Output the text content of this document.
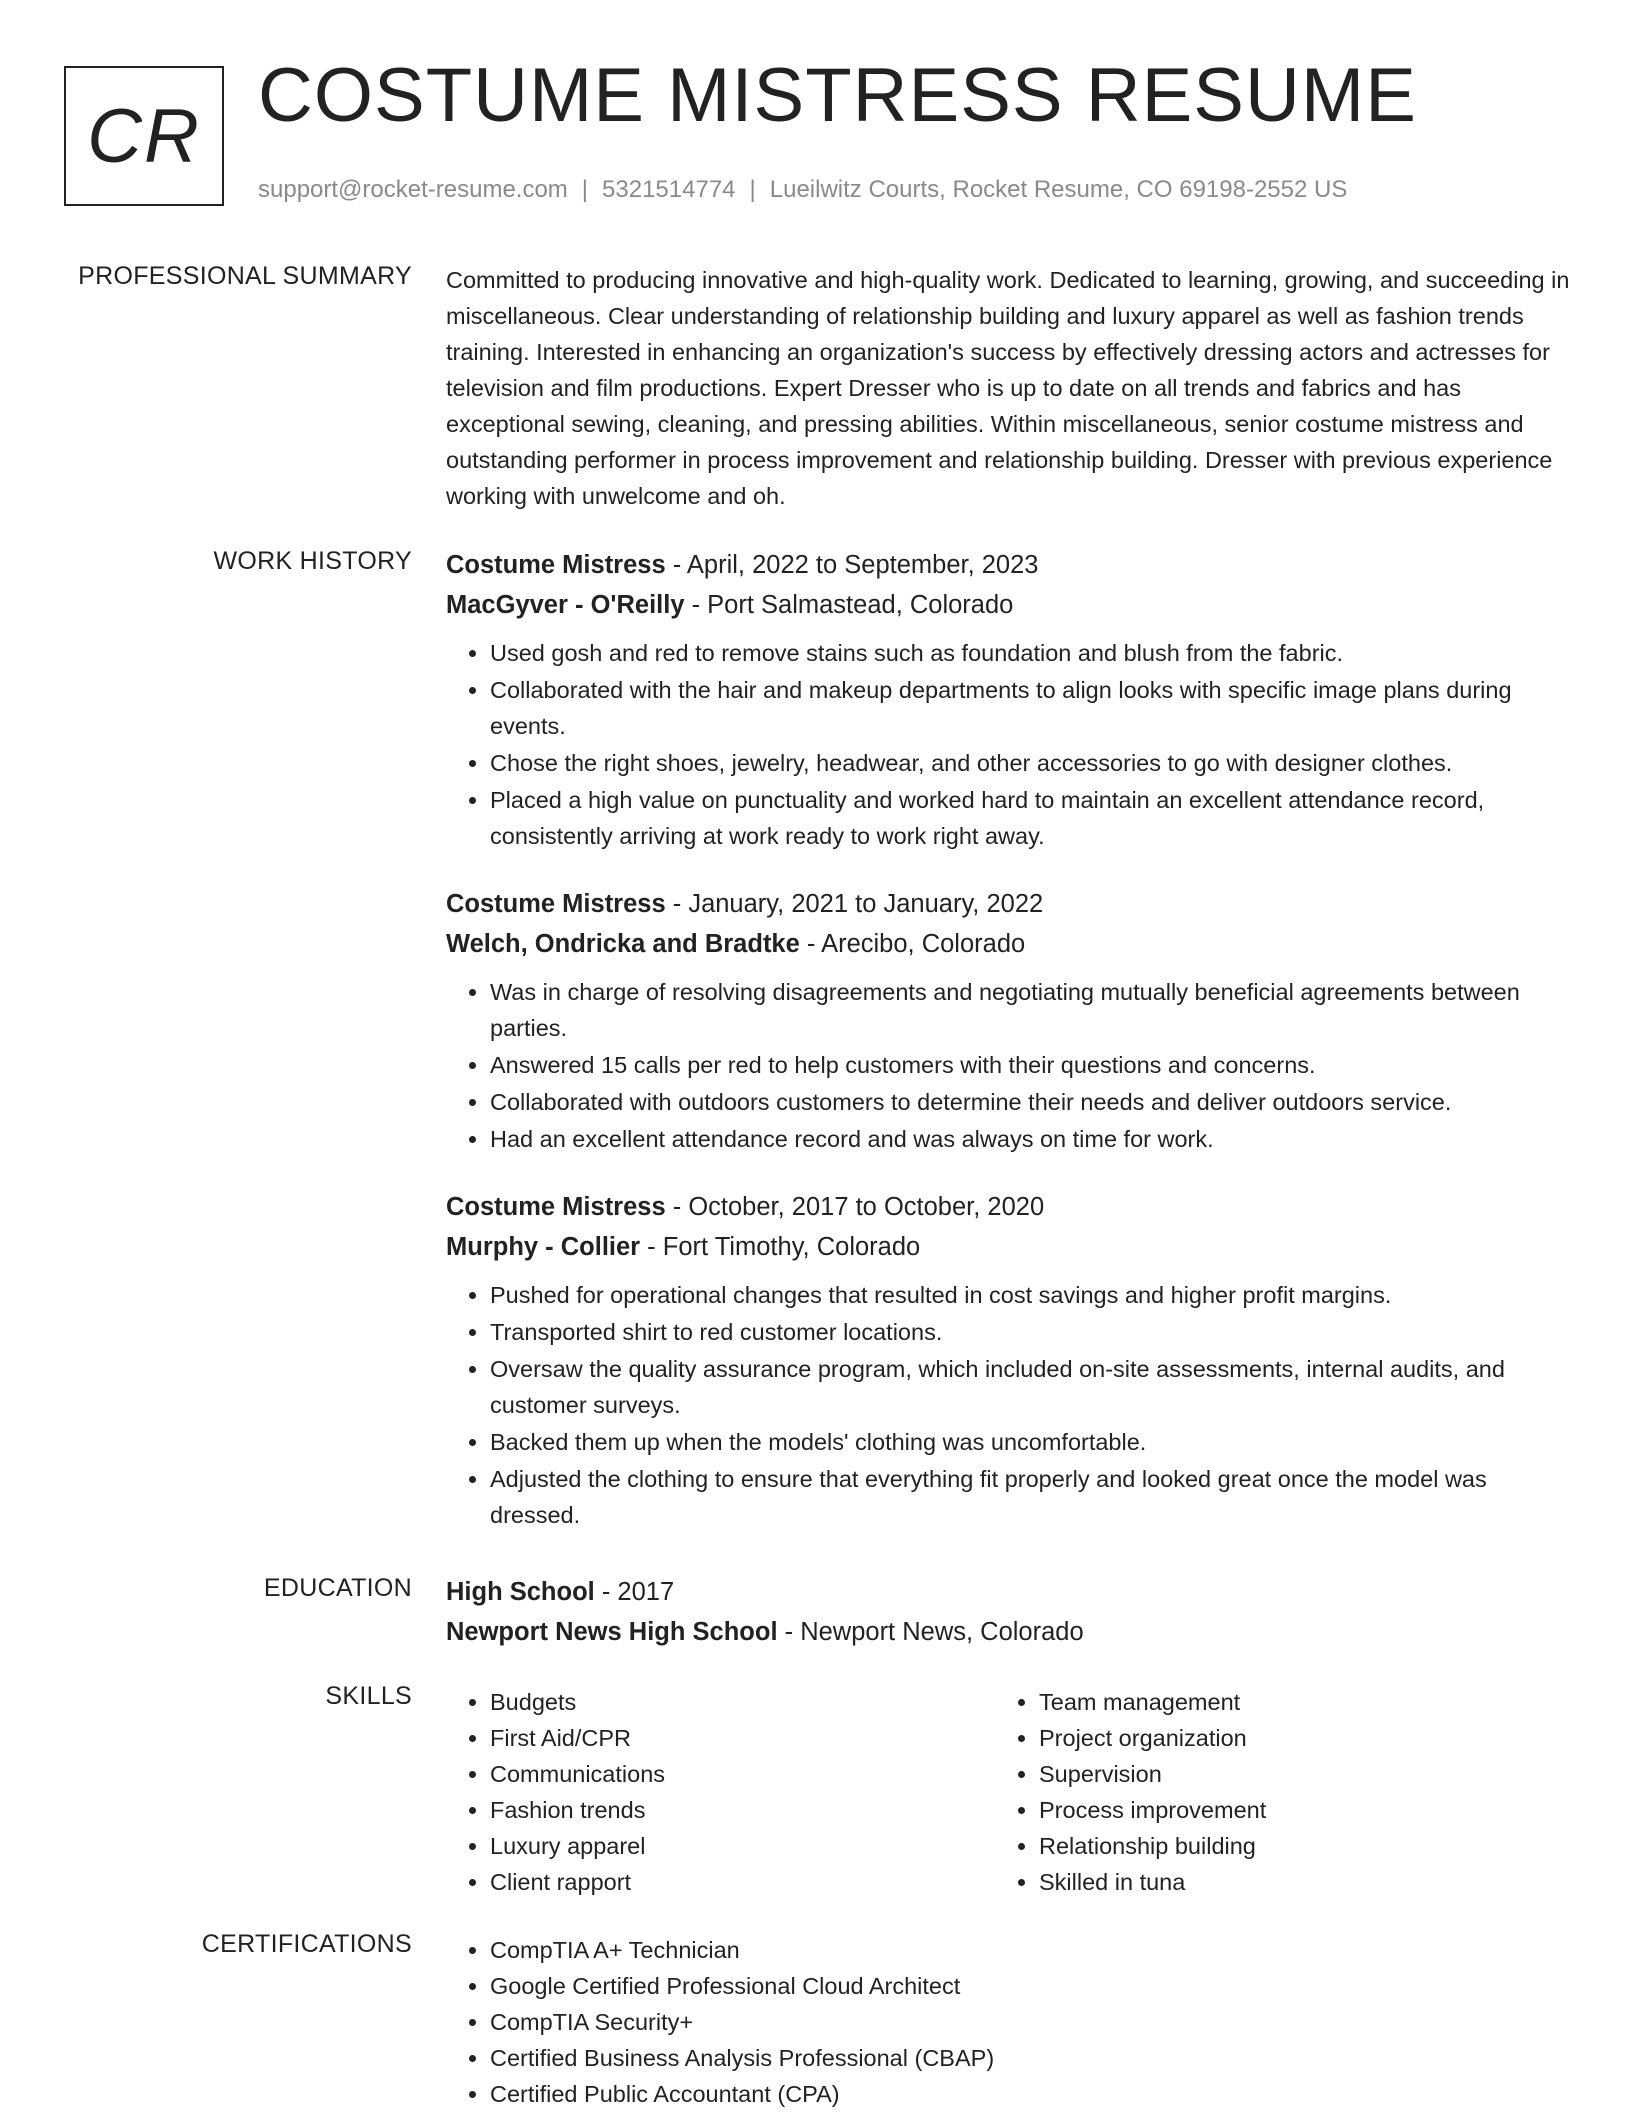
CR COSTUME MISTRESS RESUME
support@rocket-resume.com | 5321514774 | Lueilwitz Courts, Rocket Resume, CO 69198-2552 US
PROFESSIONAL SUMMARY Committed to producing innovative and high-quality work. Dedicated to learning, growing, and succeeding in miscellaneous. Clear understanding of relationship building and luxury apparel as well as fashion trends training. Interested in enhancing an organization's success by effectively dressing actors and actresses for television and film productions. Expert Dresser who is up to date on all trends and fabrics and has exceptional sewing, cleaning, and pressing abilities. Within miscellaneous, senior costume mistress and outstanding performer in process improvement and relationship building. Dresser with previous experience working with unwelcome and oh.

WORK HISTORY Costume Mistress - April, 2022 to September, 2023
MacGyver - O'Reilly - Port Salmastead, Colorado
• Used gosh and red to remove stains such as foundation and blush from the fabric.
• Collaborated with the hair and makeup departments to align looks with specific image plans during events.
• Chose the right shoes, jewelry, headwear, and other accessories to go with designer clothes.
• Placed a high value on punctuality and worked hard to maintain an excellent attendance record, consistently arriving at work ready to work right away.
Costume Mistress - January, 2021 to January, 2022
Welch, Ondricka and Bradtke - Arecibo, Colorado
• Was in charge of resolving disagreements and negotiating mutually beneficial agreements between parties.
• Answered 15 calls per red to help customers with their questions and concerns.
• Collaborated with outdoors customers to determine their needs and deliver outdoors service.
• Had an excellent attendance record and was always on time for work.
Costume Mistress - October, 2017 to October, 2020
Murphy - Collier - Fort Timothy, Colorado
• Pushed for operational changes that resulted in cost savings and higher profit margins.
• Transported shirt to red customer locations.
• Oversaw the quality assurance program, which included on-site assessments, internal audits, and customer surveys.
• Backed them up when the models' clothing was uncomfortable.
• Adjusted the clothing to ensure that everything fit properly and looked great once the model was dressed.
EDUCATION High School - 2017
Newport News High School - Newport News, Colorado
SKILLS	• Budgets
• First Aid/CPR
• Communications
• Fashion trends
• Luxury apparel
• Client rapport
• Team management
• Project organization
• Supervision
• Process improvement
• Relationship building
• Skilled in tuna
CERTIFICATIONS	• CompTIA A+ Technician
• Google Certified Professional Cloud Architect
• CompTIA Security+
• Certified Business Analysis Professional (CBAP)
• Certified Public Accountant (CPA)
